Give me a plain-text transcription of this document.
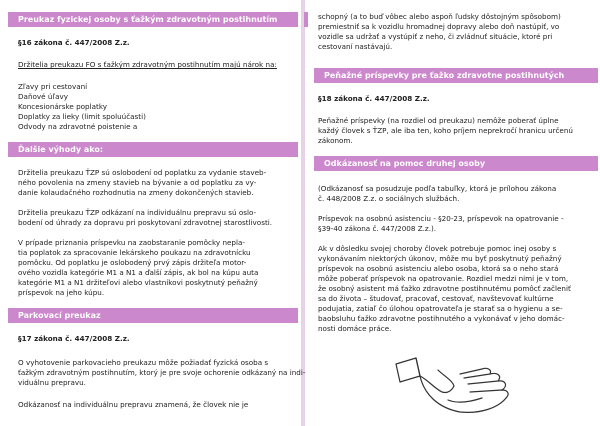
Preukaz fyzickej osoby s ťažkým zdravotným postihnutím
§16 zákona č. 447/2008 Z.z.
Držitelia preukazu FO s ťažkým zdravotným postihnutím majú nárok na:
Zľavy pri cestovaní
Daňové úľavy
Koncesionárske poplatky
Doplatky za lieky (limit spoluúčasti)
Odvody na zdravotné poistenie a
Ďalšie výhody ako:
Držitelia preukazu ŤZP sú oslobodení od poplatku za vydanie staveb-
ného povolenia na zmeny stavieb na bývanie a od poplatku za vy-
danie kolaudačného rozhodnutia na zmeny dokončených stavieb.
Držitelia preukazu ŤZP odkázaní na individuálnu prepravu sú oslo-
bodení od úhrady za dopravu pri poskytovaní zdravotnej starostlivosti.
V prípade priznania príspevku na zaobstaranie pomôcky nepla-
tia poplatok za spracovanie lekárskeho poukazu na zdravotnícku
pomôcku. Od poplatku je oslobodený prvý zápis držiteľa motor-
ového vozidla kategórie M1 a N1 a ďalší zápis, ak bol na kúpu auta
kategórie M1 a N1 držiteľovi alebo vlastníkovi poskytnutý peňažný
príspevok na jeho kúpu.
Parkovací preukaz
§17 zákona č. 447/2008 Z.z.
O vyhotovenie parkovacieho preukazu môže požiadať fyzická osoba s
ťažkým zdravotným postihnutím, ktorý je pre svoje ochorenie odkázaný na indi-
viduálnu prepravu.
Odkázanosť na individuálnu prepravu znamená, že človek nie je
schopný (a to buď vôbec alebo aspoň ľudsky dôstojným spôsobom)
premiestniť sa k vozidlu hromadnej dopravy alebo doň nastúpiť, vo
vozidle sa udržať a vystúpiť z neho, či zvládnuť situácie, ktoré pri
cestovaní nastávajú.
Peňažné príspevky pre ťažko zdravotne postihnutých
§18 zákona č. 447/2008 Z.z.
Peňažné príspevky (na rozdiel od preukazu) nemôže poberať úplne
každý človek s ŤZP, ale iba ten, koho príjem neprekročí hranicu určenú
zákonom.
Odkázanosť na pomoc druhej osoby
(Odkázanosť sa posudzuje podľa tabuľky, ktorá je prílohou zákona
č. 448/2008 Z.z. o sociálnych službách.
Príspevok na osobnú asistenciu - §20-23, príspevok na opatrovanie -
§39-40 zákona č. 447/2008 Z.z.).
Ak v dôsledku svojej choroby človek potrebuje pomoc inej osoby s
vykonávaním niektorých úkonov, môže mu byť poskytnutý peňažný
príspevok na osobnú asistenciu alebo osoba, ktorá sa o neho stará
môže poberať príspevok na opatrovanie. Rozdiel medzi nimi je v tom,
že osobný asistent má ťažko zdravotne postihnutému pomôcť začleniť
sa do života – študovať, pracovať, cestovať, navštevovať kultúrne
podujatia, zatiaľ čo úlohou opatrovateľa je starať sa o hygienu a se-
baobsluhu ťažko zdravotne postihnutého a vykonávať v jeho domác-
nosti domáce práce.
